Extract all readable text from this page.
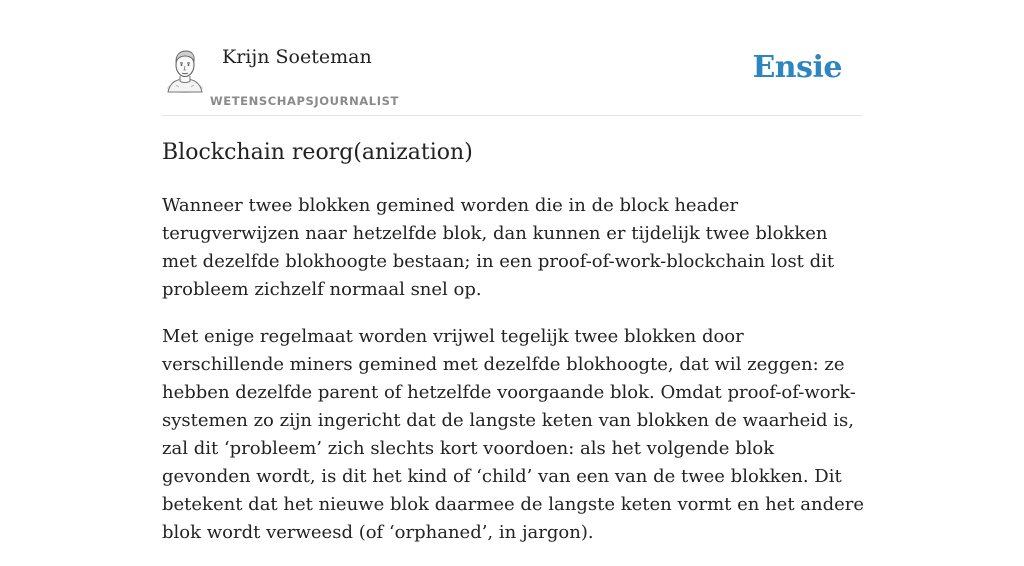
Krijn Soeteman
WETENSCHAPSJOURNALIST
Ensie
Blockchain reorg(anization)

Wanneer twee blokken gemined worden die in de block header terugverwijzen naar hetzelfde blok, dan kunnen er tijdelijk twee blokken met dezelfde blokhoogte bestaan; in een proof-of-work-blockchain lost dit probleem zichzelf normaal snel op.

Met enige regelmaat worden vrijwel tegelijk twee blokken door verschillende miners gemined met dezelfde blokhoogte, dat wil zeggen: ze hebben dezelfde parent of hetzelfde voorgaande blok. Omdat proof-of-work-systemen zo zijn ingericht dat de langste keten van blokken de waarheid is, zal dit ‘probleem’ zich slechts kort voordoen: als het volgende blok gevonden wordt, is dit het kind of ‘child’ van een van de twee blokken. Dit betekent dat het nieuwe blok daarmee de langste keten vormt en het andere blok wordt verweesd (of ‘orphaned’, in jargon).
